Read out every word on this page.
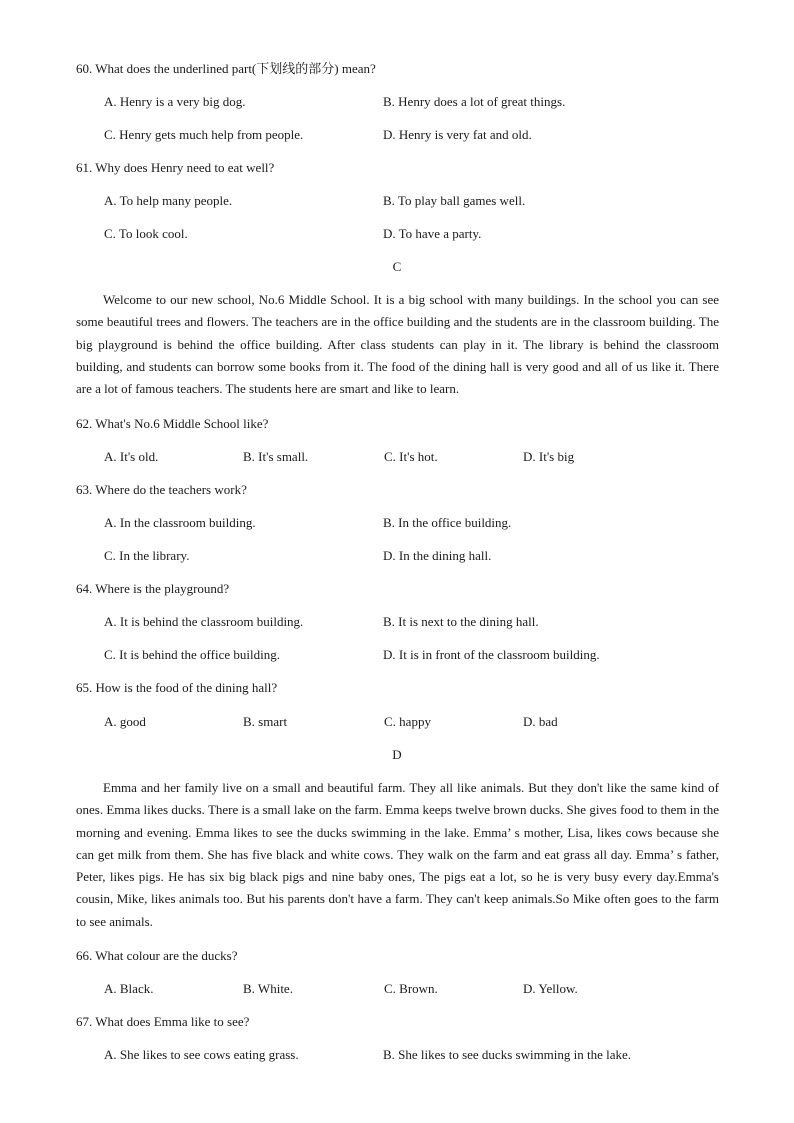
60. What does the underlined part(下划线的部分) mean?
A. Henry is a very big dog.	B. Henry does a lot of great things.
C. Henry gets much help from people.	D. Henry is very fat and old.
61. Why does Henry need to eat well?
A. To help many people.	B. To play ball games well.
C. To look cool.	D. To have a party.
C
Welcome to our new school, No.6 Middle School. It is a big school with many buildings. In the school you can see some beautiful trees and flowers. The teachers are in the office building and the students are in the classroom building. The big playground is behind the office building. After class students can play in it. The library is behind the classroom building, and students can borrow some books from it. The food of the dining hall is very good and all of us like it. There are a lot of famous teachers. The students here are smart and like to learn.
62. What's No.6 Middle School like?
A. It's old.	B. It's small.	C. It's hot.	D. It's big
63. Where do the teachers work?
A. In the classroom building.	B. In the office building.
C. In the library.	D. In the dining hall.
64. Where is the playground?
A. It is behind the classroom building.	B. It is next to the dining hall.
C. It is behind the office building.	D. It is in front of the classroom building.
65. How is the food of the dining hall?
A. good	B. smart	C. happy	D. bad
D
Emma and her family live on a small and beautiful farm. They all like animals. But they don't like the same kind of ones. Emma likes ducks. There is a small lake on the farm. Emma keeps twelve brown ducks. She gives food to them in the morning and evening. Emma likes to see the ducks swimming in the lake. Emma’ s mother, Lisa, likes cows because she can get milk from them. She has five black and white cows. They walk on the farm and eat grass all day. Emma’ s father, Peter, likes pigs. He has six big black pigs and nine baby ones, The pigs eat a lot, so he is very busy every day.Emma's cousin, Mike, likes animals too. But his parents don't have a farm. They can't keep animals.So Mike often goes to the farm to see animals.
66. What colour are the ducks?
A. Black.	B. White.	C. Brown.	D. Yellow.
67. What does Emma like to see?
A. She likes to see cows eating grass.	B. She likes to see ducks swimming in the lake.
